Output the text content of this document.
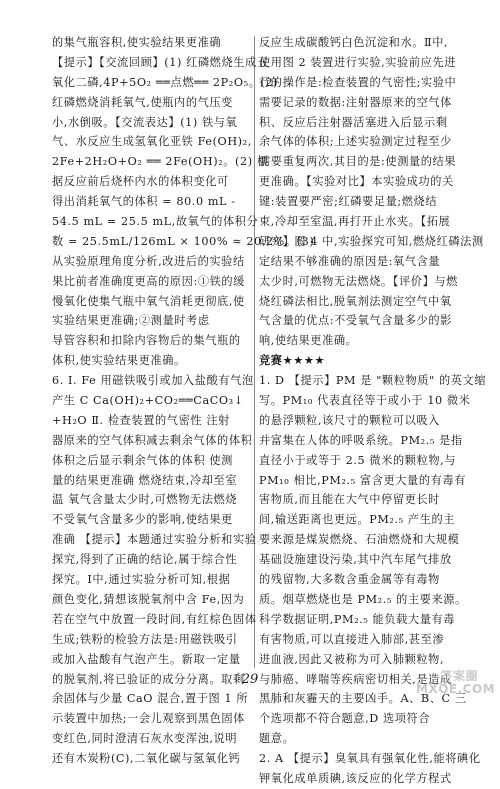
的集气瓶容积,使实验结果更准确
【提示】【交流回顾】(1) 红磷燃烧生成五
氧化二磷,4P+5O₂ ══点燃══ 2P₂O₅。(2)
红磷燃烧消耗氧气,使瓶内的气压变
小,水倒吸。【交流表达】(1) 铁与氧
气、水反应生成氢氧化亚铁 Fe(OH)₂,
2Fe+2H₂O+O₂ ══ 2Fe(OH)₂。(2) 根
据反应前后烧杯内水的体积变化可
得出消耗氧气的体积 = 80.0 mL -
54.5 mL = 25.5 mL,故氧气的体积分
数 = 25.5mL/126mL × 100% ≈ 20.2%。(3)
从实验原理角度分析,改进后的实验结
果比前者准确度更高的原因:①铁的缓
慢氧化使集气瓶中氧气消耗更彻底,使
实验结果更准确;②测量时考虑
导管容积和扣除内容物后的集气瓶的
体积,使实验结果更准确。
6. Ⅰ. Fe 用磁铁吸引或加入盐酸有气泡
产生 C Ca(OH)₂+CO₂══CaCO₃↓
+H₂O Ⅱ. 检查装置的气密性 注射
器原来的空气体积减去剩余气体的体积
体积之后显示剩余气体的体积 使测
量的结果更准确 燃烧结束,冷却至室
温 氧气含量太少时,可燃物无法燃烧
不受氧气含量多少的影响,使结果更
准确 【提示】本题通过实验分析和实验
探究,得到了正确的结论,属于综合性
探究。Ⅰ中,通过实验分析可知,根据
颜色变化,猜想该脱氧剂中含 Fe,因为
若在空气中放置一段时间,有红棕色固体
生成;铁粉的检验方法是:用磁铁吸引
或加入盐酸有气泡产生。新取一定量
的脱氧剂,将已验证的成分分离。取剩
余固体与少量 CaO 混合,置于图 1 所
示装置中加热;一会儿观察到黑色固体
变红色,同时澄清石灰水变浑浊,说明
还有木炭粉(C),二氧化碳与氢氧化钙
反应生成碳酸钙白色沉淀和水。Ⅱ中,
使用图 2 装置进行实验,实验前应先进
行的操作是:检查装置的气密性;实验中
需要记录的数据:注射器原来的空气体
积、反应后注射器活塞进入后显示剩
余气体的体积;上述实验测定过程至少
需要重复两次,其目的是:使测量的结果
更准确。【实验对比】本实验成功的关
键:装置要严密;红磷要足量;燃烧结
束,冷却至室温,再打开止水夹。【拓展
研究】图 4 中,实验探究可知,燃烧红磷法测
定结果不够准确的原因是:氧气含量
太少时,可燃物无法燃烧。【评价】与燃
烧红磷法相比,脱氧剂法测定空气中氧
气含量的优点:不受氧气含量多少的影
响,使结果更准确。
竞赛★★★★
1. D 【提示】PM 是 "颗粒物质" 的英文缩
写。PM₁₀ 代表直径等于或小于 10 微米
的悬浮颗粒,该尺寸的颗粒可以吸入
并富集在人体的呼吸系统。PM₂.₅ 是指
直径小于或等于 2.5 微米的颗粒物,与
PM₁₀ 相比,PM₂.₅ 富含更大量的有毒有
害物质,而且能在大气中停留更长时
间,输送距离也更远。PM₂.₅ 产生的主
要来源是煤炭燃烧、石油燃烧和大规模
基础设施建设污染,其中汽车尾气排放
的残留物,大多数含重金属等有毒物
质。烟草燃烧也是 PM₂.₅ 的主要来源。
科学数据证明,PM₂.₅ 能负载大量有毒
有害物质,可以直接进入肺部,甚至渗
进血液,因此又被称为可入肺颗粒物,
与肺癌、哮喘等疾病密切相关,是造成
黑肺和灰霾天的主要凶手。A、B、C 三
个选项都不符合题意,D 选项符合
题意。
2. A 【提示】臭氧具有强氧化性,能将碘化
钾氧化成单质碘,该反应的化学方程式
29	答案圈 MXQE.COM
